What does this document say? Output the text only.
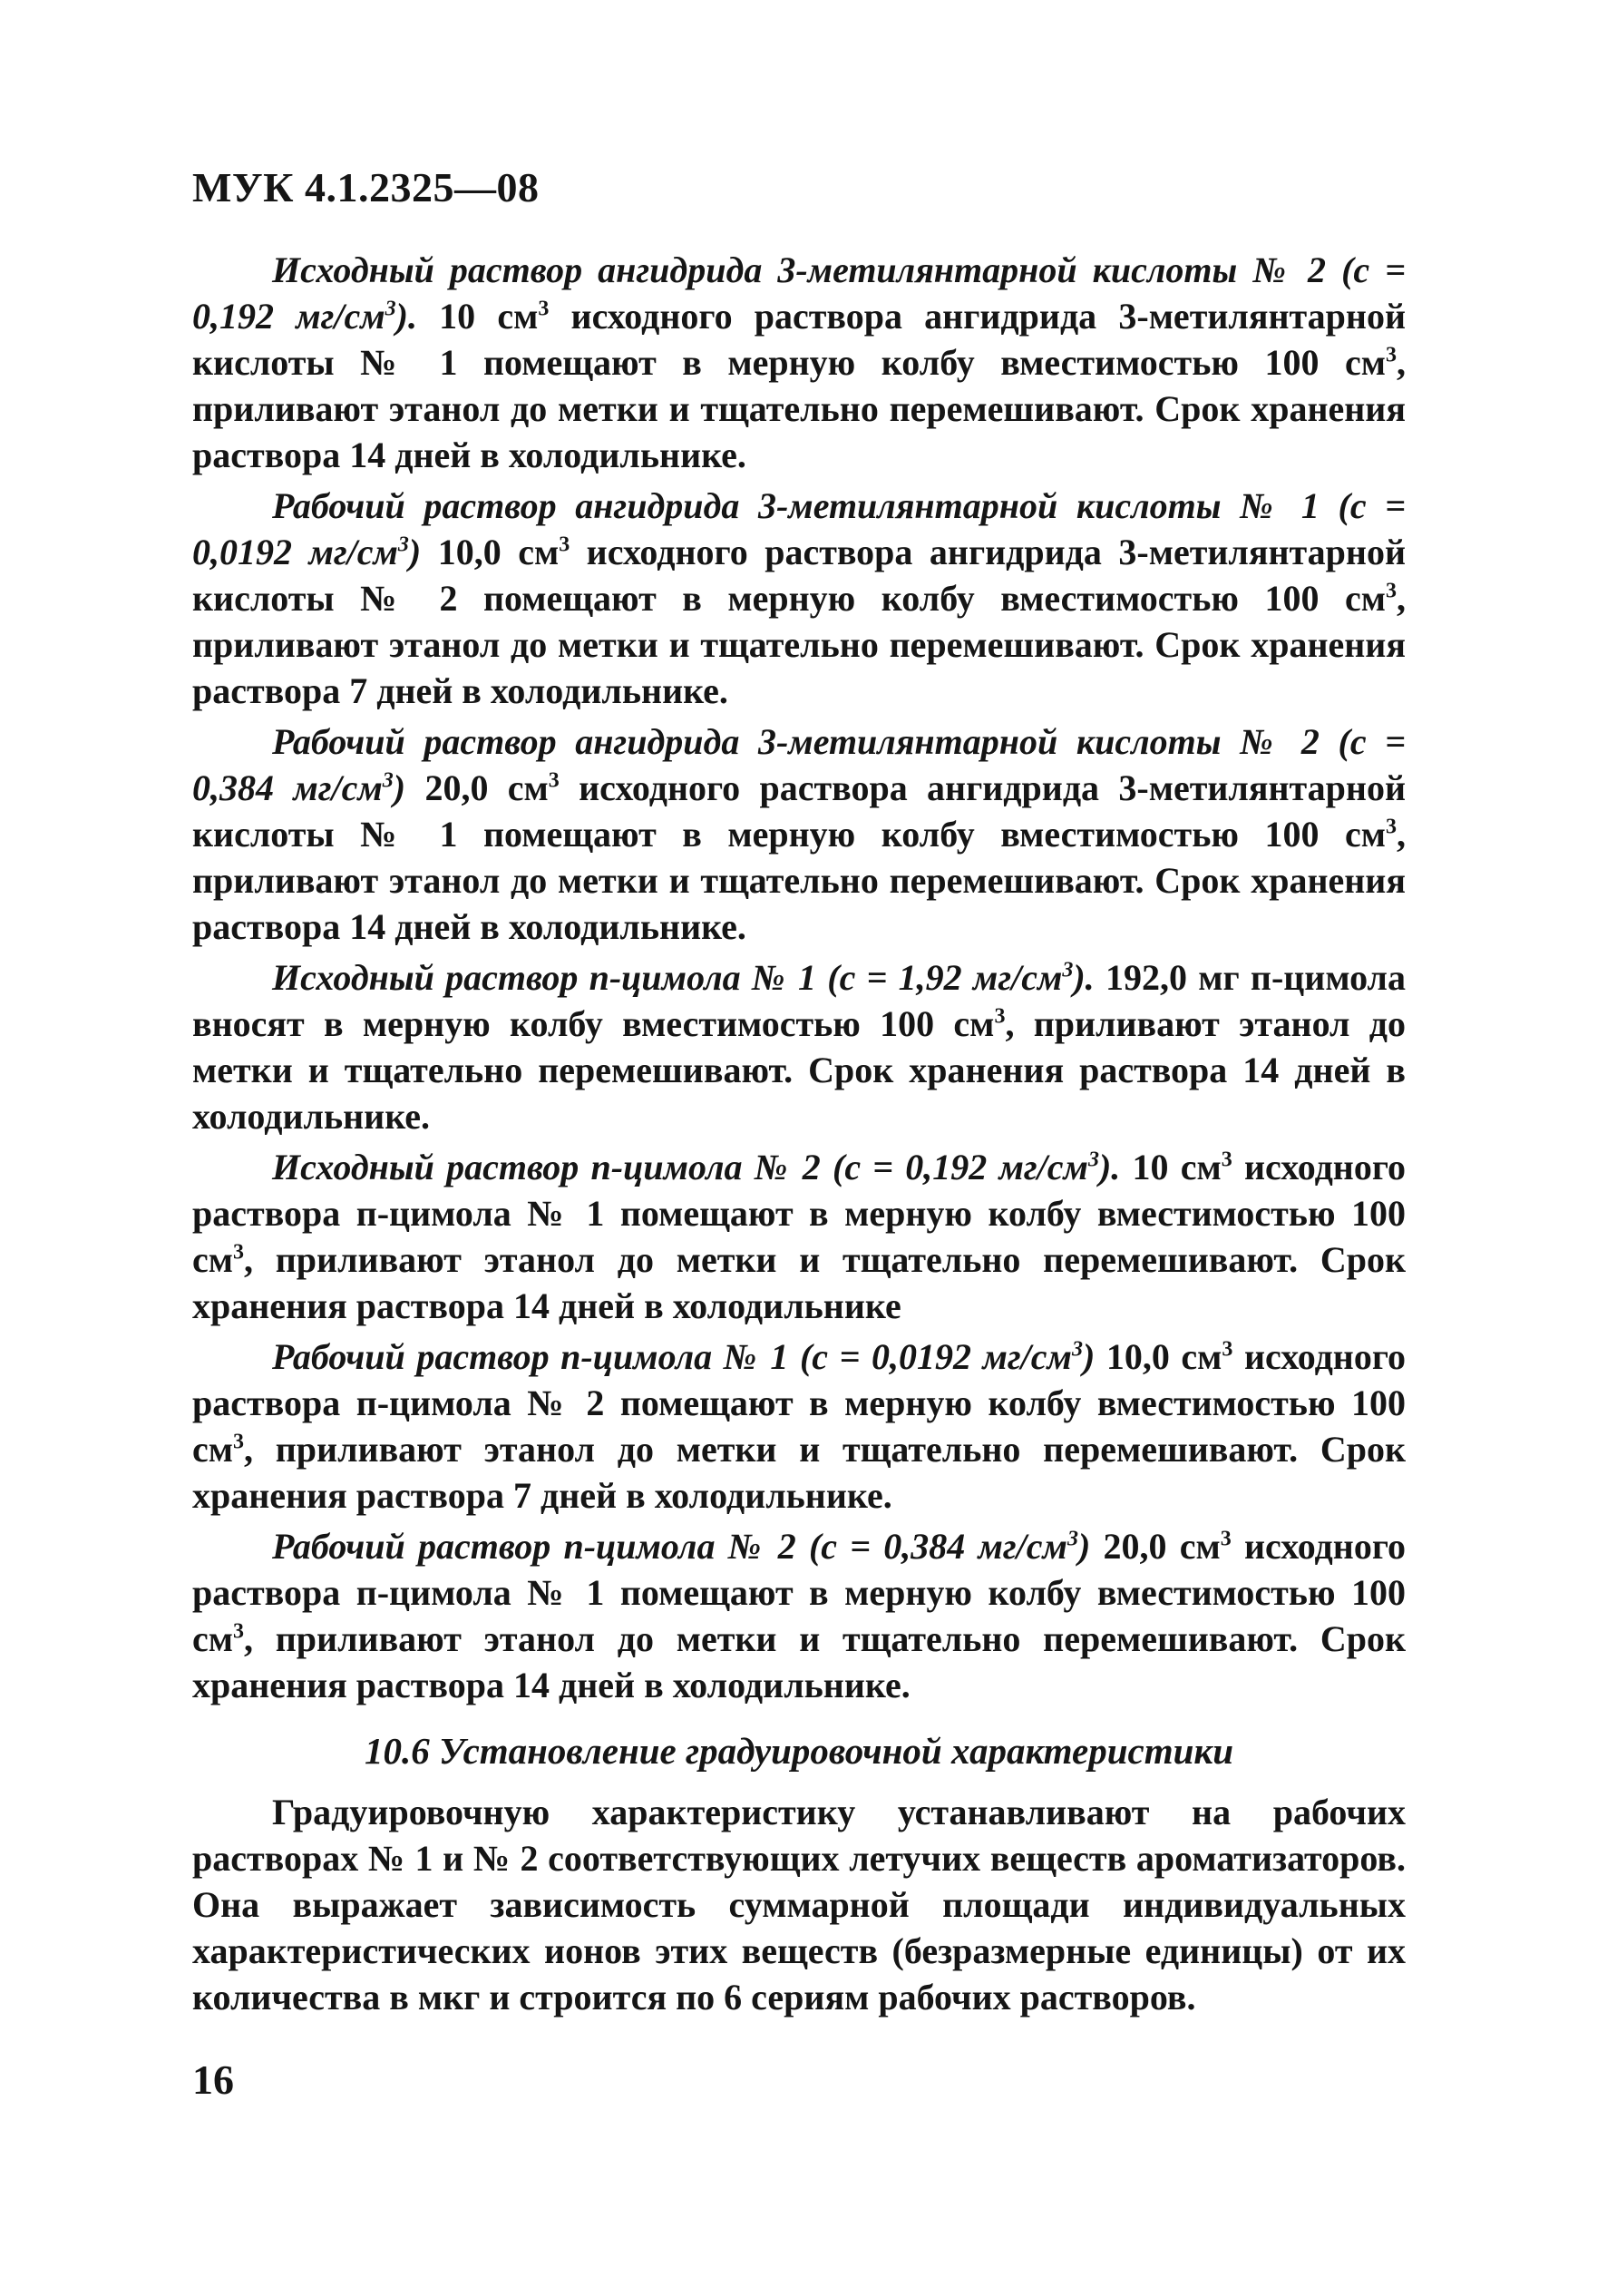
МУК 4.1.2325—08

Исходный раствор ангидрида 3-метилянтарной кислоты № 2 (с = 0,192 $мг/см^3$). 10 $см^3$ исходного раствора ангидрида 3-метилянтарной кислоты № 1 помещают в мерную колбу вместимостью 100 $см^3$, приливают этанол до метки и тщательно перемешивают. Срок хранения раствора 14 дней в холодильнике.

Рабочий раствор ангидрида 3-метилянтарной кислоты № 1 (с = 0,0192 $мг/см^3$) 10,0 $см^3$ исходного раствора ангидрида 3-метилянтарной кислоты № 2 помещают в мерную колбу вместимостью 100 $см^3$, приливают этанол до метки и тщательно перемешивают. Срок хранения раствора 7 дней в холодильнике.

Рабочий раствор ангидрида 3-метилянтарной кислоты № 2 (с = 0,384 $мг/см^3$) 20,0 $см^3$ исходного раствора ангидрида 3-метилянтарной кислоты № 1 помещают в мерную колбу вместимостью 100 $см^3$, приливают этанол до метки и тщательно перемешивают. Срок хранения раствора 14 дней в холодильнике.

Исходный раствор п-цимола № 1 (с = 1,92 $мг/см^3$). 192,0 мг п-цимола вносят в мерную колбу вместимостью 100 $см^3$, приливают этанол до метки и тщательно перемешивают. Срок хранения раствора 14 дней в холодильнике.

Исходный раствор п-цимола № 2 (с = 0,192 $мг/см^3$). 10 $см^3$ исходного раствора п-цимола № 1 помещают в мерную колбу вместимостью 100 $см^3$, приливают этанол до метки и тщательно перемешивают. Срок хранения раствора 14 дней в холодильнике

Рабочий раствор п-цимола № 1 (с = 0,0192 $мг/см^3$) 10,0 $см^3$ исходного раствора п-цимола № 2 помещают в мерную колбу вместимостью 100 $см^3$, приливают этанол до метки и тщательно перемешивают. Срок хранения раствора 7 дней в холодильнике.

Рабочий раствор п-цимола № 2 (с = 0,384 $мг/см^3$) 20,0 $см^3$ исходного раствора п-цимола № 1 помещают в мерную колбу вместимостью 100 $см^3$, приливают этанол до метки и тщательно перемешивают. Срок хранения раствора 14 дней в холодильнике.

10.6 Установление градуировочной характеристики

Градуировочную характеристику устанавливают на рабочих растворах № 1 и № 2 соответствующих летучих веществ ароматизаторов. Она выражает зависимость суммарной площади индивидуальных характеристических ионов этих веществ (безразмерные единицы) от их количества в мкг и строится по 6 сериям рабочих растворов.

16
